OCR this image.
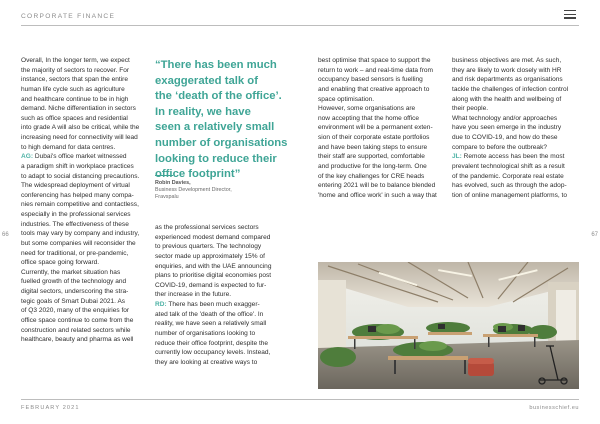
CORPORATE FINANCE

Overall, In the longer term, we expect

the majority of sectors to recover. For

instance, sectors that span the entire

human life cycle such as agriculture

and healthcare continue to be in high

demand. Niche differentiation in sectors

such as office spaces and residential

into grade A will also be critical, while the

increasing need for connectivity will lead

to high demand for data centres.

AG: Dubai's office market witnessed

a paradigm shift in workplace practices

to adapt to social distancing precautions.

The widespread deployment of virtual

conferencing has helped many compa-

nies remain competitive and contactless,

especially in the professional services

industries. The effectiveness of these

tools may vary by company and industry,

but some companies will reconsider the

need for traditional, or pre-pandemic,

office space going forward.

Currently, the market situation has

fuelled growth of the technology and

digital sectors, underscoring the stra-

tegic goals of Smart Dubai 2021. As

of Q3 2020, many of the enquiries for

office space continue to come from the

construction and related sectors while

healthcare, beauty and pharma as well

“There has been much

exaggerated talk of

the ‘death of the office’.

In reality, we have

seen a relatively small

number of organisations

looking to reduce their

office footprint”

Robin Davies,
Business Development Director,
Fravspalu

as the professional services sectors

experienced modest demand compared

to previous quarters. The technology

sector made up approximately 15% of

enquiries, and with the UAE announcing

plans to prioritise digital economies post

COVID-19, demand is expected to fur-

ther increase in the future.

RD: There has been much exagger-

ated talk of the 'death of the office'. In

reality, we have seen a relatively small

number of organisations looking to

reduce their office footprint, despite the

currently low occupancy levels. Instead,

they are looking at creative ways to

best optimise that space to support the

return to work – and real-time data from

occupancy based sensors is fuelling

and enabling that creative approach to

space optimisation.

However, some organisations are

now accepting that the home office

environment will be a permanent exten-

sion of their corporate estate portfolios

and have been taking steps to ensure

their staff are supported, comfortable

and productive for the long-term. One

of the key challenges for CRE heads

entering 2021 will be to balance blended

'home and office work' in such a way that

business objectives are met. As such,

they are likely to work closely with HR

and risk departments as organisations

tackle the challenges of infection control

along with the health and wellbeing of

their people.

What technology and/or approaches

have you seen emerge in the industry

due to COVID-19, and how do these

compare to before the outbreak?

JL: Remote access has been the most

prevalent technological shift as a result

of the pandemic. Corporate real estate

has evolved, such as through the adop-

tion of online management platforms, to

66	67
FEBRUARY 2021	businesschief.eu
